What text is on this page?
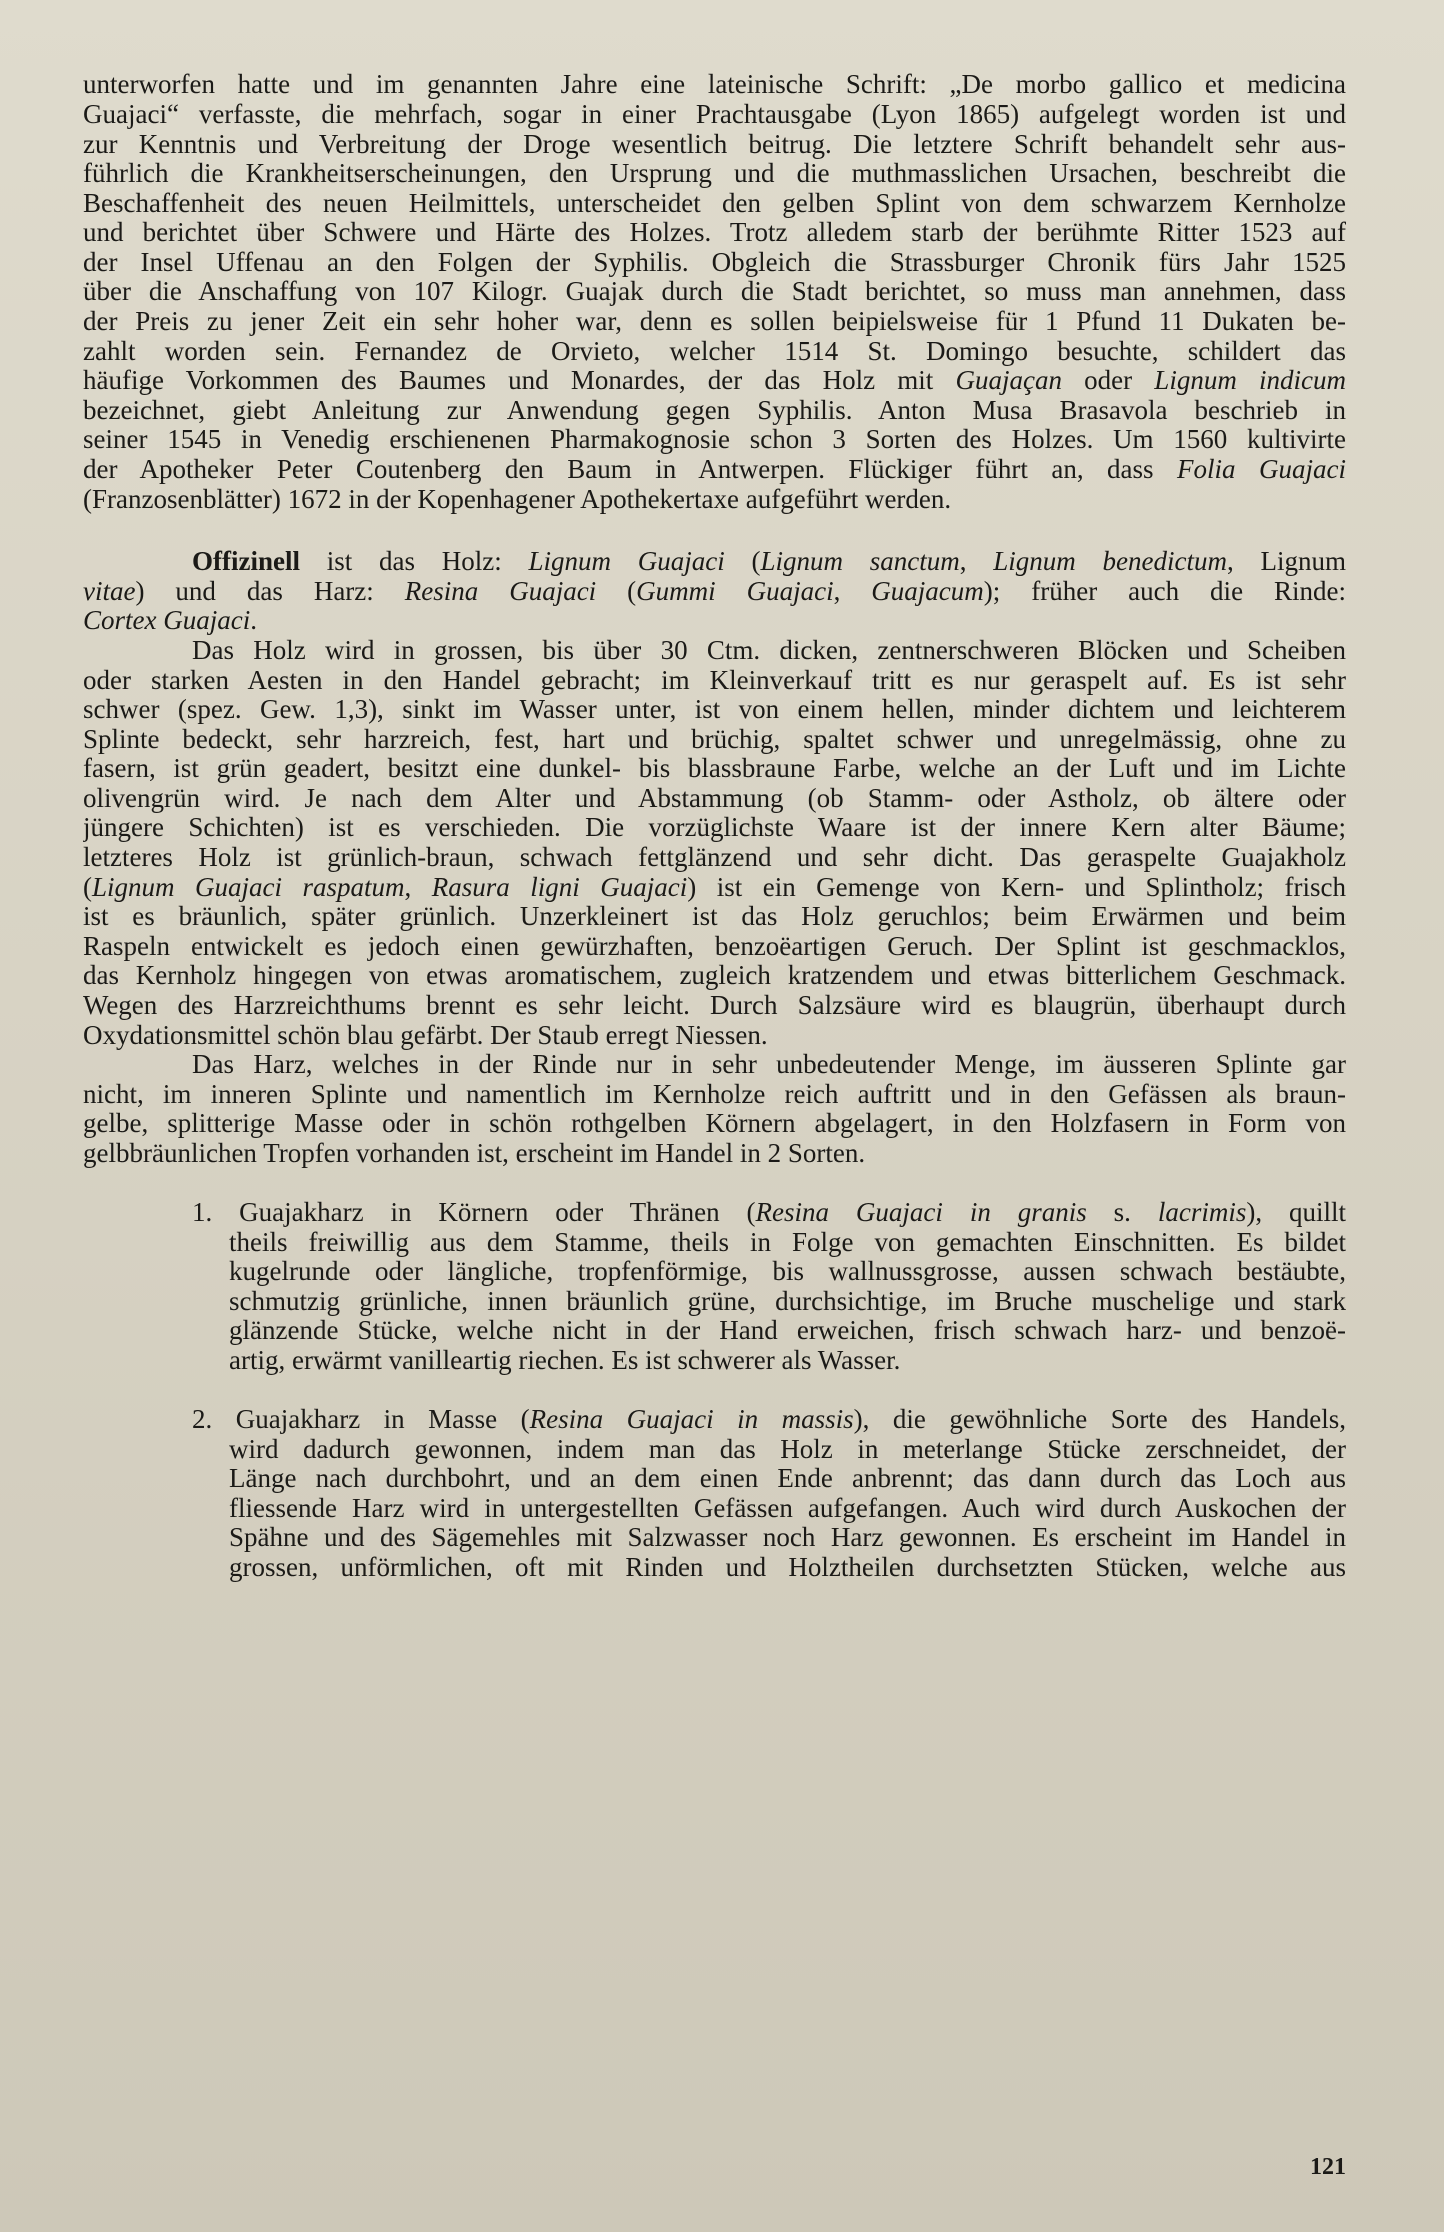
unterworfen hatte und im genannten Jahre eine lateinische Schrift: „De morbo gallico et medicina
Guajaci“ verfasste, die mehrfach, sogar in einer Prachtausgabe (Lyon 1865) aufgelegt worden ist und
zur Kenntnis und Verbreitung der Droge wesentlich beitrug. Die letztere Schrift behandelt sehr aus-
führlich die Krankheitserscheinungen, den Ursprung und die muthmasslichen Ursachen, beschreibt die
Beschaffenheit des neuen Heilmittels, unterscheidet den gelben Splint von dem schwarzem Kernholze
und berichtet über Schwere und Härte des Holzes. Trotz alledem starb der berühmte Ritter 1523 auf
der Insel Uffenau an den Folgen der Syphilis. Obgleich die Strassburger Chronik fürs Jahr 1525
über die Anschaffung von 107 Kilogr. Guajak durch die Stadt berichtet, so muss man annehmen, dass
der Preis zu jener Zeit ein sehr hoher war, denn es sollen beipielsweise für 1 Pfund 11 Dukaten be-
zahlt worden sein. Fernandez de Orvieto, welcher 1514 St. Domingo besuchte, schildert das
häufige Vorkommen des Baumes und Monardes, der das Holz mit Guajaçan oder Lignum indicum
bezeichnet, giebt Anleitung zur Anwendung gegen Syphilis. Anton Musa Brasavola beschrieb in
seiner 1545 in Venedig erschienenen Pharmakognosie schon 3 Sorten des Holzes. Um 1560 kultivirte
der Apotheker Peter Coutenberg den Baum in Antwerpen. Flückiger führt an, dass Folia Guajaci
(Franzosenblätter) 1672 in der Kopenhagener Apothekertaxe aufgeführt werden.
Offizinell ist das Holz: Lignum Guajaci (Lignum sanctum, Lignum benedictum, Lignum
vitae) und das Harz: Resina Guajaci (Gummi Guajaci, Guajacum); früher auch die Rinde:
Cortex Guajaci.
Das Holz wird in grossen, bis über 30 Ctm. dicken, zentnerschweren Blöcken und Scheiben
oder starken Aesten in den Handel gebracht; im Kleinverkauf tritt es nur geraspelt auf. Es ist sehr
schwer (spez. Gew. 1,3), sinkt im Wasser unter, ist von einem hellen, minder dichtem und leichterem
Splinte bedeckt, sehr harzreich, fest, hart und brüchig, spaltet schwer und unregelmässig, ohne zu
fasern, ist grün geadert, besitzt eine dunkel- bis blassbraune Farbe, welche an der Luft und im Lichte
olivengrün wird. Je nach dem Alter und Abstammung (ob Stamm- oder Astholz, ob ältere oder
jüngere Schichten) ist es verschieden. Die vorzüglichste Waare ist der innere Kern alter Bäume;
letzteres Holz ist grünlich-braun, schwach fettglänzend und sehr dicht. Das geraspelte Guajakholz
(Lignum Guajaci raspatum, Rasura ligni Guajaci) ist ein Gemenge von Kern- und Splintholz; frisch
ist es bräunlich, später grünlich. Unzerkleinert ist das Holz geruchlos; beim Erwärmen und beim
Raspeln entwickelt es jedoch einen gewürzhaften, benzoëartigen Geruch. Der Splint ist geschmacklos,
das Kernholz hingegen von etwas aromatischem, zugleich kratzendem und etwas bitterlichem Geschmack.
Wegen des Harzreichthums brennt es sehr leicht. Durch Salzsäure wird es blaugrün, überhaupt durch
Oxydationsmittel schön blau gefärbt. Der Staub erregt Niessen.
Das Harz, welches in der Rinde nur in sehr unbedeutender Menge, im äusseren Splinte gar
nicht, im inneren Splinte und namentlich im Kernholze reich auftritt und in den Gefässen als braun-
gelbe, splitterige Masse oder in schön rothgelben Körnern abgelagert, in den Holzfasern in Form von
gelbbräunlichen Tropfen vorhanden ist, erscheint im Handel in 2 Sorten.
1. Guajakharz in Körnern oder Thränen (Resina Guajaci in granis s. lacrimis), quillt
theils freiwillig aus dem Stamme, theils in Folge von gemachten Einschnitten. Es bildet
kugelrunde oder längliche, tropfenförmige, bis wallnussgrosse, aussen schwach bestäubte,
schmutzig grünliche, innen bräunlich grüne, durchsichtige, im Bruche muschelige und stark
glänzende Stücke, welche nicht in der Hand erweichen, frisch schwach harz- und benzoë-
artig, erwärmt vanilleartig riechen. Es ist schwerer als Wasser.
2. Guajakharz in Masse (Resina Guajaci in massis), die gewöhnliche Sorte des Handels,
wird dadurch gewonnen, indem man das Holz in meterlange Stücke zerschneidet, der
Länge nach durchbohrt, und an dem einen Ende anbrennt; das dann durch das Loch aus
fliessende Harz wird in untergestellten Gefässen aufgefangen. Auch wird durch Auskochen der
Spähne und des Sägemehles mit Salzwasser noch Harz gewonnen. Es erscheint im Handel in
grossen, unförmlichen, oft mit Rinden und Holztheilen durchsetzten Stücken, welche aus
121
